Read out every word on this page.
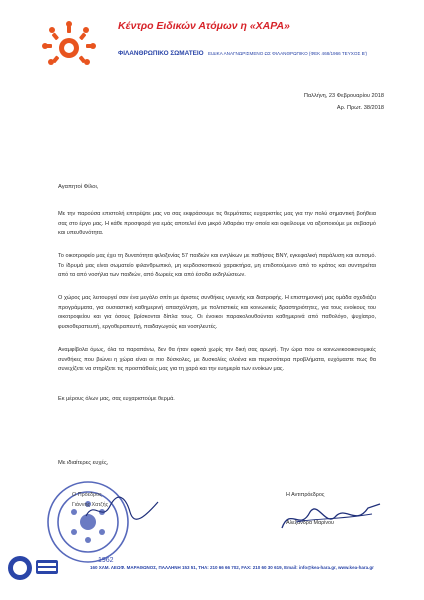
Κέντρο Ειδικών Ατόμων η «ΧΑΡΑ»
ΦΙΛΑΝΘΡΩΠΙΚΟ ΣΩΜΑΤΕΙΟ ΕΙΔΙΚΑ ΑΝΑΓΝΩΡΙΣΜΕΝΟ ΩΣ ΦΙΛΑΝΘΡΩΠΙΚΟ (ΦΕΚ 468/1966 ΤΕΥΧΟΣ Β')
Παλλήνη, 23 Φεβρουαρίου 2018
Αρ. Πρωτ. 38/2018
Αγαπητοί Φίλοι,
Με την παρούσα επιστολή επιτρέψτε μας να σας εκφράσουμε τις θερμότατες ευχαριστίες μας για την πολύ σημαντική βοήθεια σας στο έργο μας. Η κάθε προσφορά για εμάς αποτελεί ένα μικρό λιθαράκι την οποία και οφείλουμε να αξιοποιούμε με σεβασμό και υπευθυνότητα.
Το οικοτροφείο μας έχει τη δυνατότητα φιλοξενίας 57 παιδιών και ενηλίκων με παθήσεις ΒΝΥ, εγκεφαλική παράλυση και αυτισμό. Το ίδρυμά μας είναι σωματείο φιλανθρωπικό, μη κερδοσκοπικού χαρακτήρα, μη επιδοτούμενο από το κράτος και συντηρείται από τα από νοσήλια των παιδιών, από δωρεές και από έσοδα εκδηλώσεων.
Ο χώρος μας λειτουργεί σαν ένα μεγάλο σπίτι με άριστες συνθήκες υγιεινής και διατροφής. Η επιστημονική μας ομάδα σχεδιάζει προγράμματα, για ουσιαστική καθημερινή απασχόληση, με πολιτιστικές και κοινωνικές δραστηριότητες, για τους ενοίκους του οικοτροφείου και για όσους βρίσκονται δίπλα τους. Οι ένοικοι παρακολουθούνται καθημερινά από παθολόγο, ψυχίατρο, φυσιοθεραπευτή, εργοθεραπευτή, παιδαγωγούς και νοσηλευτές.
Αναμφίβολα όμως, όλα τα παραπάνω, δεν θα ήταν εφικτά χωρίς την δική σας αρωγή. Την ώρα που οι κοινωνικοοικονομικές συνθήκες που βιώνει η χώρα είναι οι πιο δύσκολες, με δυσκολίες ολοένα και περισσότερα προβλήματα, ευχόμαστε πως θα συνεχίζετε να στηρίζετε τις προσπάθειές μας για τη χαρά και την ευημερία των ενοίκων μας.
Εκ μέρους όλων μας, σας ευχαριστούμε θερμά.
Με ιδιαίτερες ευχές,
1962
Ο Πρόεδρος
Γιάννης Χατζής
Η Αντιπρόεδρος
Αλεξάνδρα Μαρίνου
160 ΧΛΜ. ΛΕΩΦ. ΜΑΡΑΘΩΝΟΣ, ΠΑΛΛΗΝΗ 153 51, ΤΗΛ: 210 66 66 702, FAX: 210 60 30 619, Email: info@kea-hara.gr, www.kea-hara.gr
